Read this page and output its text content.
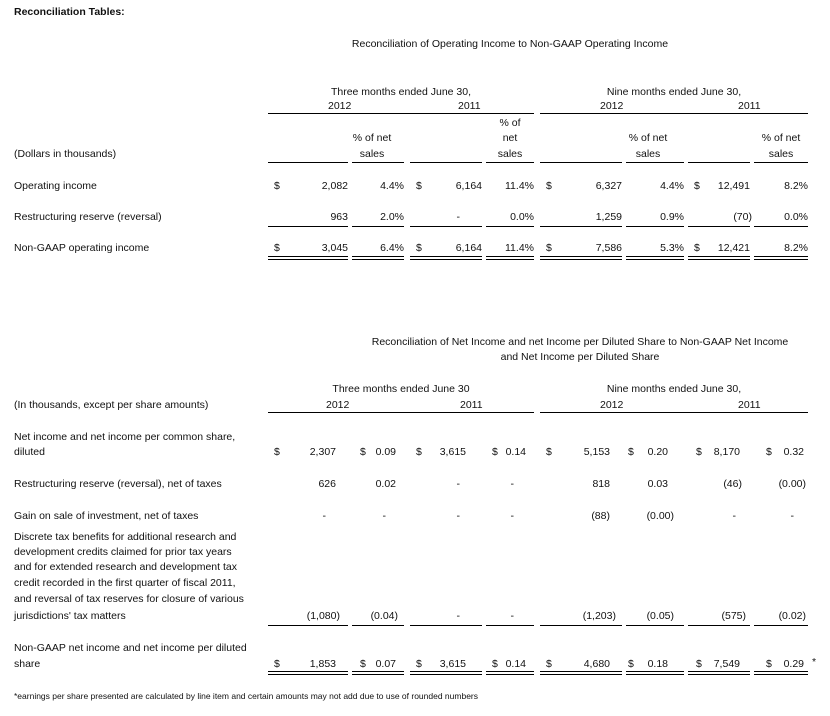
Reconciliation Tables:
Reconciliation of Operating Income to Non-GAAP Operating Income
Three months ended June 30,	Nine months ended June 30,
2012	2011	2012	2011
% of
net
sales
% of net
sales
% of net
sales
% of net
sales
(Dollars in thousands)
Operating income	$	2,082	4.4% $	6,164	11.4% $	6,327	4.4% $	12,491	8.2%
Restructuring reserve (reversal)	963	2.0%	-	0.0%	1,259	0.9%	(70)	0.0%
Non-GAAP operating income	$	3,045	6.4% $	6,164	11.4% $	7,586	5.3% $	12,421	8.2%
Reconciliation of Net Income and net Income per Diluted Share to Non-GAAP Net Income
and Net Income per Diluted Share
Three months ended June 30	Nine months ended June 30,
(In thousands, except per share amounts)	2012	2011	2012	2011
Net income and net income per common share,
diluted	$	2,307 $ 0.09 $	3,615 $ 0.14 $	5,153 $	0.20	$	8,170 $	0.32
Restructuring reserve (reversal), net of taxes	626	0.02	-	-	818	0.03	(46)	(0.00)
Gain on sale of investment, net of taxes	-	-	-	-	(88)	(0.00)	-	-
Discrete tax benefits for additional research and
development credits claimed for prior tax years
and for extended research and development tax
credit recorded in the first quarter of fiscal 2011,
and reversal of tax reserves for closure of various
jurisdictions' tax matters	(1,080)	(0.04)	-	-	(1,203)	(0.05)	(575)	(0.02)
Non-GAAP net income and net income per diluted
share	$	1,853 $ 0.07 $	3,615 $ 0.14 $	4,680 $	0.18	$	7,549 $	0.29 *
*earnings per share presented are calculated by line item and certain amounts may not add due to use of rounded numbers
